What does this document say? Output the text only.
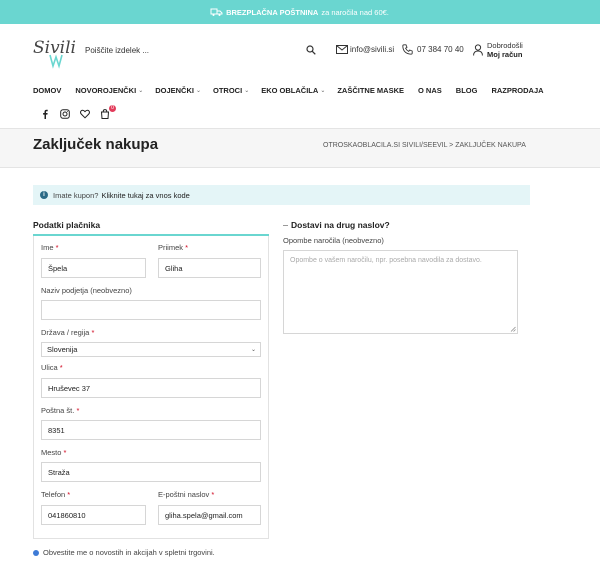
BREZPLAČNA POŠTNINA za naročila nad 60€.
Sivili Poiščite izdelek ...	info@sivili.si	07 384 70 40	Dobrodošli
Moj račun
DOMOV NOVOROJENČKI ⌄ DOJENČKI ⌄ OTROCI ⌄ EKO OBLAČILA ⌄ ZAŠČITNE MASKE O NAS BLOG RAZPRODAJA
0
Zaključek nakupa	OTROSKAOBLACILA.SI SIVILI/SEEVIL > ZAKLJUČEK NAKUPA
i	Imate kupon? Kliknite tukaj za vnos kode
Podatki plačnika
Ime *
Špela
Priimek *
Gliha
Naziv podjetja (neobvezno)
Država / regija *
Slovenija	⌄
Ulica *
Hruševec 37
Poštna št. *
8351
Mesto *
Straža
Telefon *
041860810
E-poštni naslov *
gliha.spela@gmail.com
Dostavi na drug naslov?
Opombe naročila (neobvezno)
Opombe o vašem naročilu, npr. posebna navodila za dostavo.
Obvestite me o novostih in akcijah v spletni trgovini.
